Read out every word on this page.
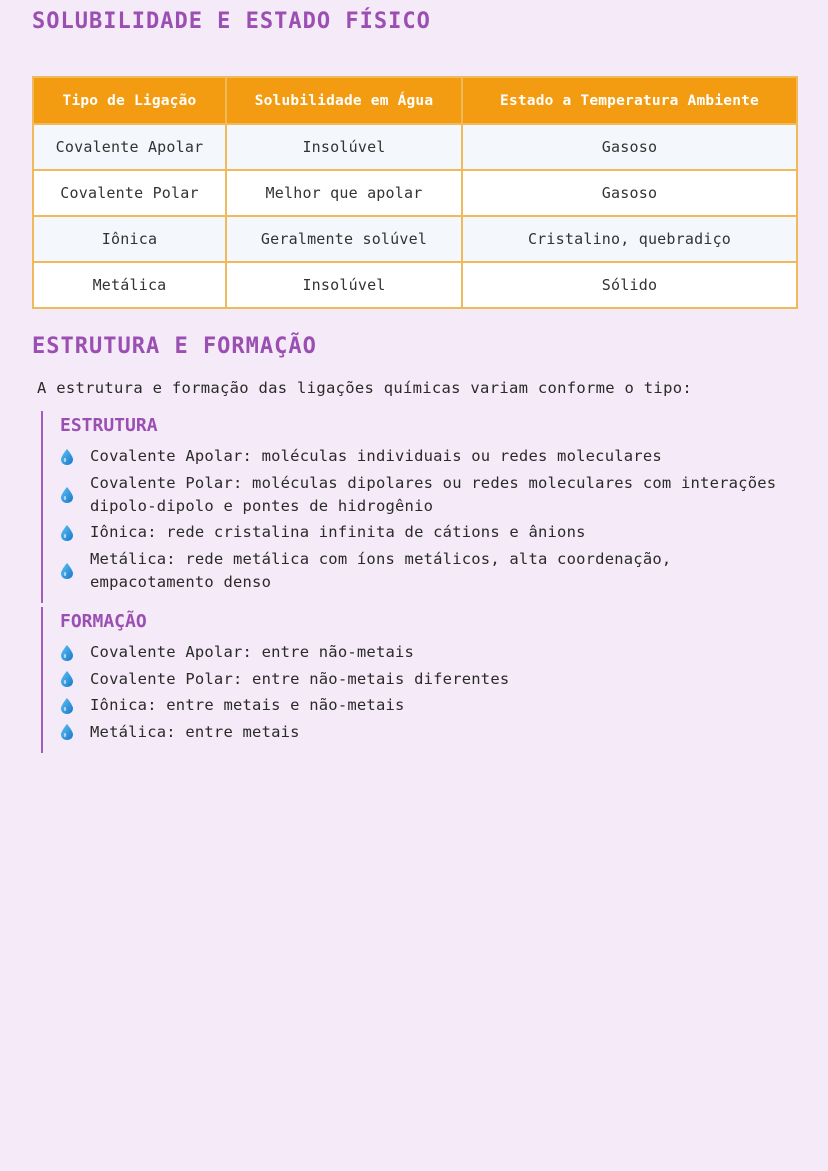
SOLUBILIDADE E ESTADO FÍSICO
Tipo de Ligação	Solubilidade em Água	Estado a Temperatura Ambiente
Covalente Apolar	Insolúvel	Gasoso
Covalente Polar	Melhor que apolar	Gasoso
Iônica	Geralmente solúvel	Cristalino, quebradiço
Metálica	Insolúvel	Sólido
ESTRUTURA E FORMAÇÃO
A estrutura e formação das ligações químicas variam conforme o tipo:
ESTRUTURA
Covalente Apolar: moléculas individuais ou redes moleculares
Covalente Polar: moléculas dipolares ou redes moleculares com interações dipolo-dipolo e pontes de hidrogênio
Iônica: rede cristalina infinita de cátions e ânions
Metálica: rede metálica com íons metálicos, alta coordenação, empacotamento denso
FORMAÇÃO
Covalente Apolar: entre não-metais
Covalente Polar: entre não-metais diferentes
Iônica: entre metais e não-metais
Metálica: entre metais
